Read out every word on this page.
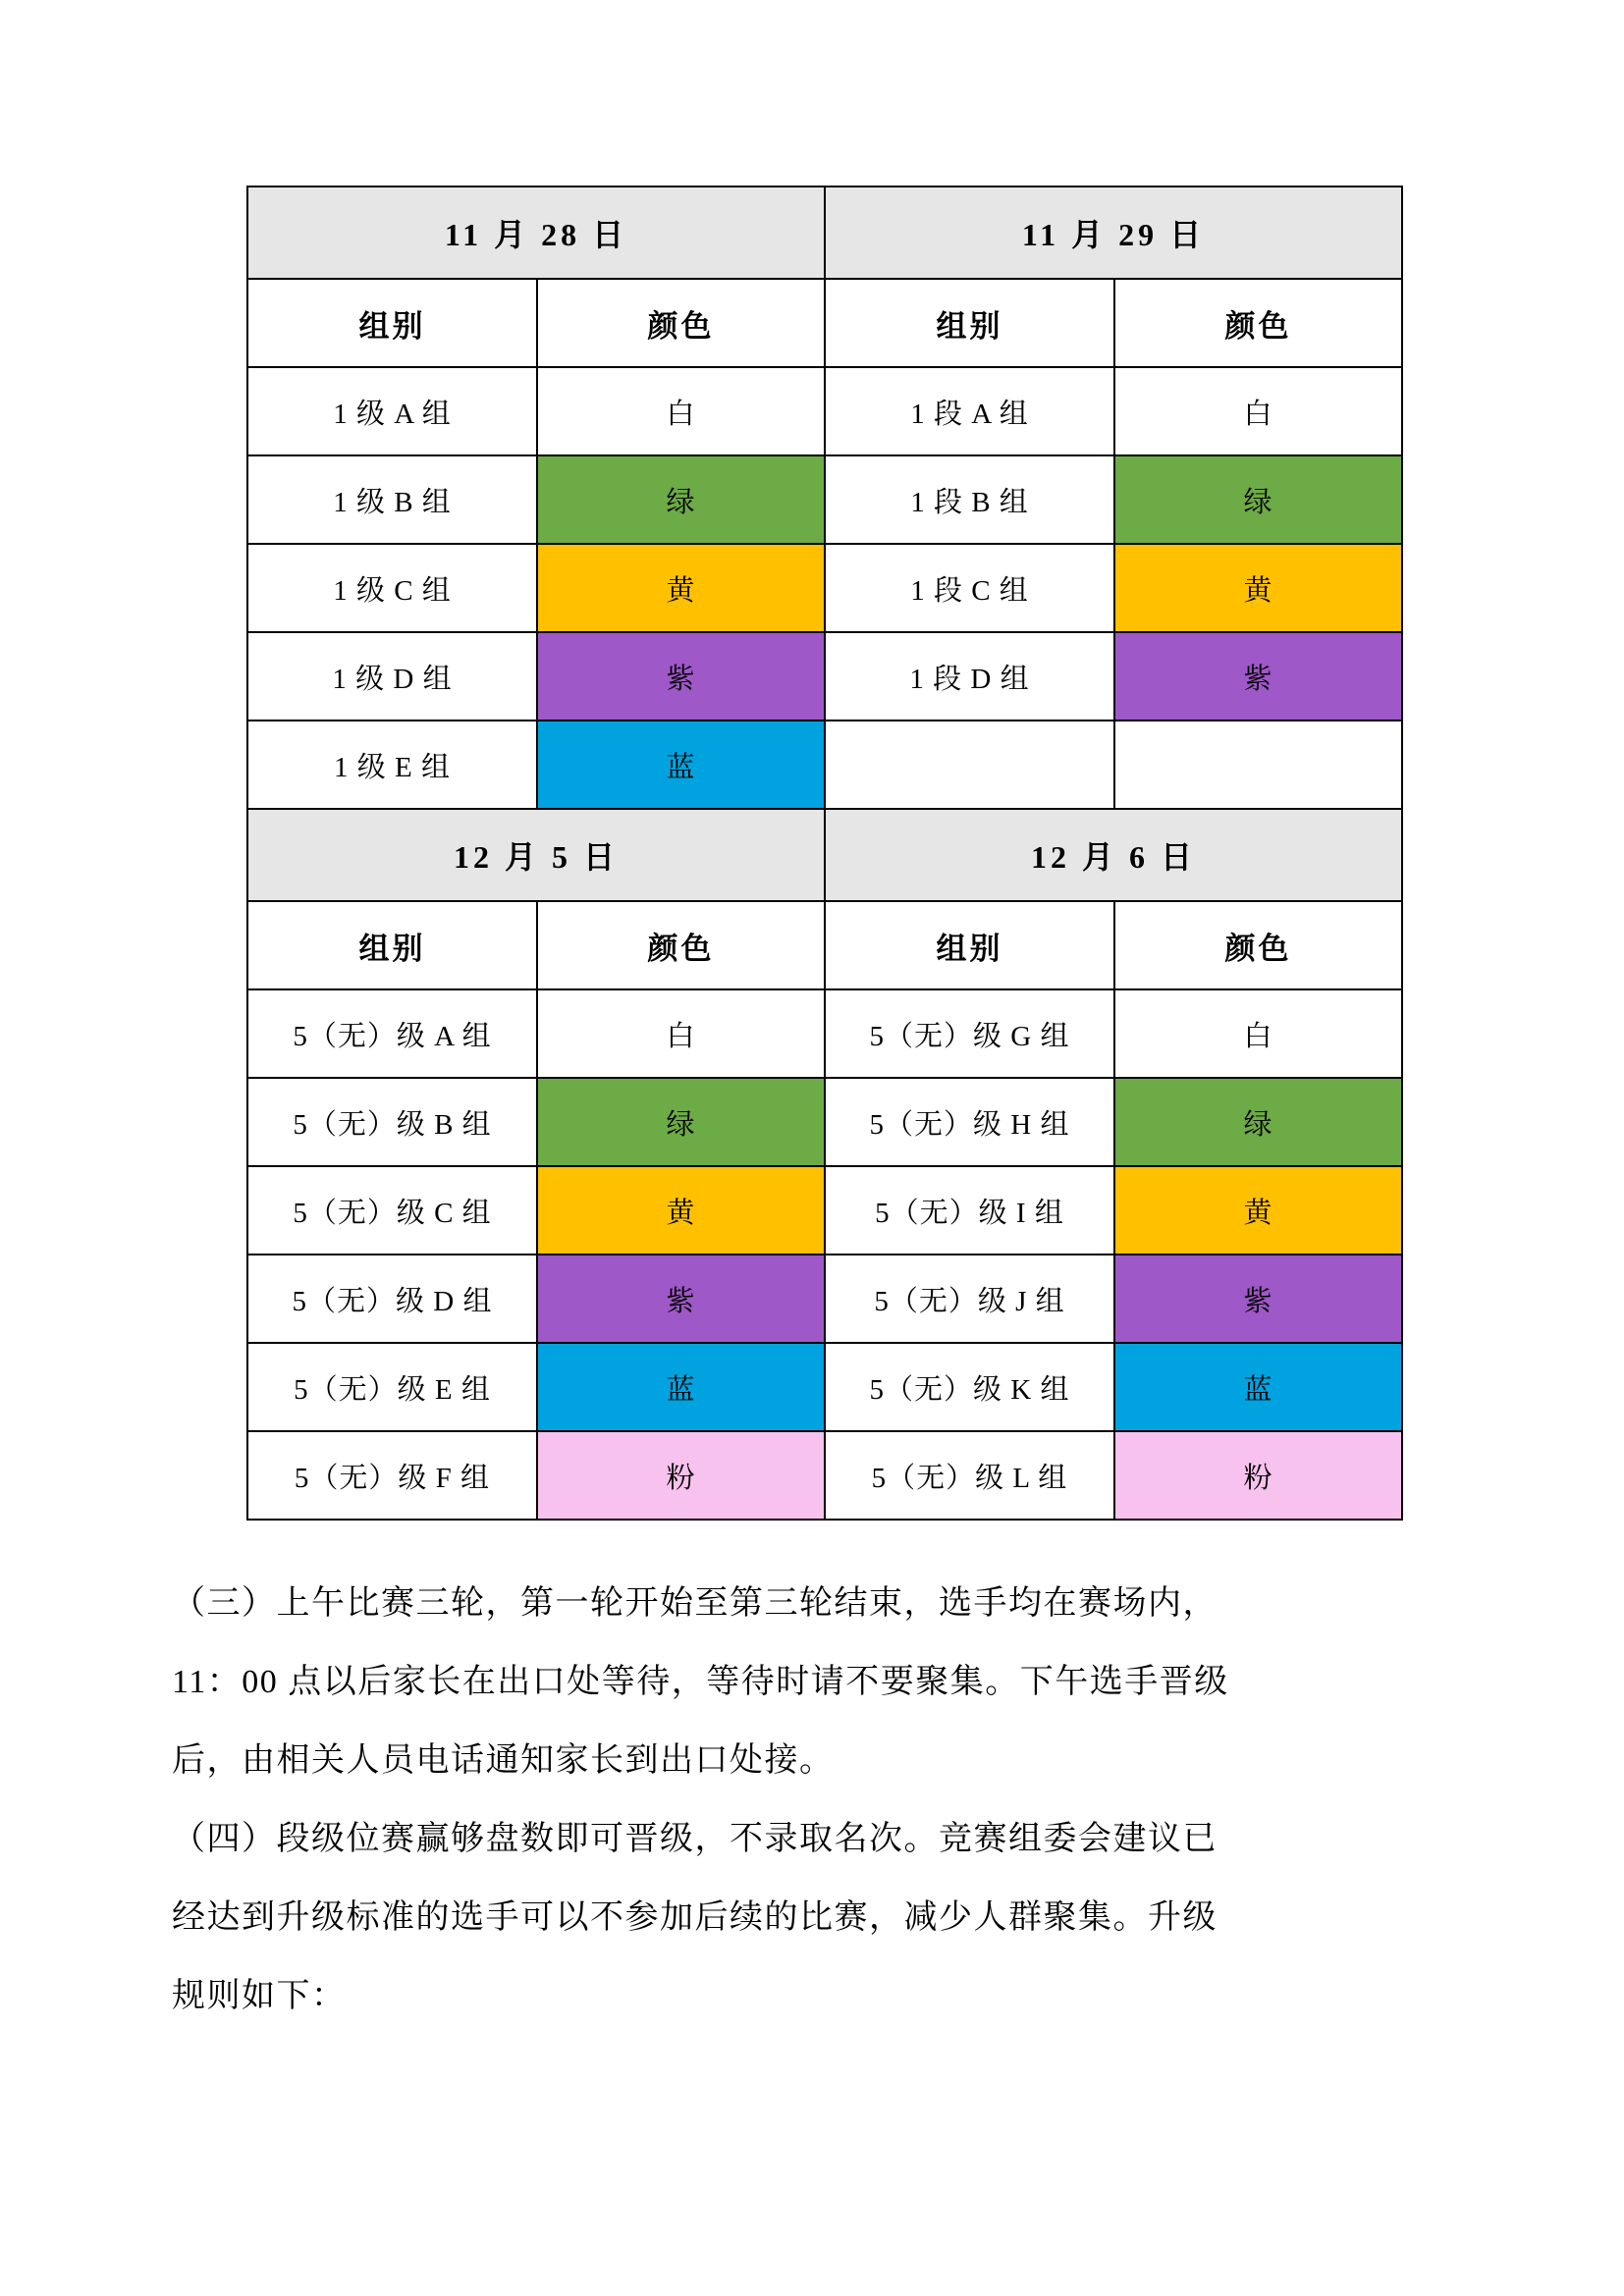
11 月 28 日		11 月 29 日	
组别	颜色	组别	颜色
1 级 A 组	白	1 段 A 组	白
1 级 B 组	绿	1 段 B 组	绿
1 级 C 组	黄	1 段 C 组	黄
1 级 D 组	紫	1 段 D 组	紫
1 级 E 组	蓝		
12 月 5 日		12 月 6 日	
组别	颜色	组别	颜色
5（无）级 A 组	白	5（无）级 G 组	白
5（无）级 B 组	绿	5（无）级 H 组	绿
5（无）级 C 组	黄	5（无）级 I 组	黄
5（无）级 D 组	紫	5（无）级 J 组	紫
5（无）级 E 组	蓝	5（无）级 K 组	蓝
5（无）级 F 组	粉	5（无）级 L 组	粉

（三）上午比赛三轮，第一轮开始至第三轮结束，选手均在赛场内，
11：00 点以后家长在出口处等待，等待时请不要聚集。下午选手晋级
后，由相关人员电话通知家长到出口处接。

（四）段级位赛赢够盘数即可晋级，不录取名次。竞赛组委会建议已
经达到升级标准的选手可以不参加后续的比赛，减少人群聚集。升级
规则如下：
